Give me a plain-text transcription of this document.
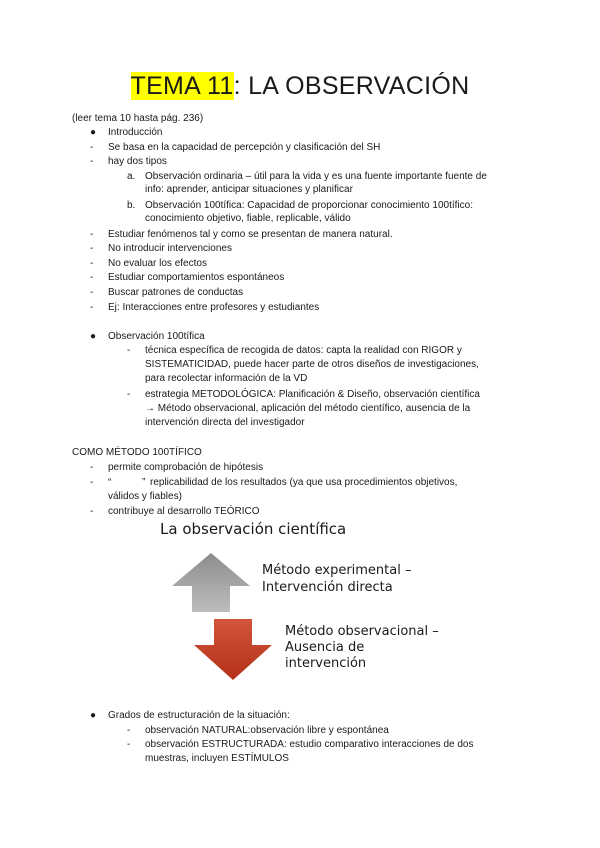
TEMA 11: LA OBSERVACIÓN
(leer tema 10 hasta pág. 236)
● Introducción
- Se basa en la capacidad de percepción y clasificación del SH
- hay dos tipos
a. Observación ordinaria – útil para la vida y es una fuente importante fuente de
info: aprender, anticipar situaciones y planificar
b. Observación 100tífica: Capacidad de proporcionar conocimiento 100tífico:
conocimiento objetivo, fiable, replicable, válido
- Estudiar fenómenos tal y como se presentan de manera natural.
- No introducir intervenciones
- No evaluar los efectos
- Estudiar comportamientos espontáneos
- Buscar patrones de conductas
- Ej: Interacciones entre profesores y estudiantes
● Observación 100tífica
- técnica específica de recogida de datos: capta la realidad con RIGOR y
SISTEMATICIDAD, puede hacer parte de otros diseños de investigaciones,
para recolectar información de la VD
- estrategia METODOLÓGICA: Planificación & Diseño, observación científica
→ Método observacional, aplicación del método científico, ausencia de la
intervención directa del investigador
COMO MÉTODO 100TÍFICO
- permite comprobación de hipótesis
- “	” replicabilidad de los resultados (ya que usa procedimientos objetivos,
válidos y fiables)
- contribuye al desarrollo TEÓRICO
La observación científica
Método experimental –
Intervención directa
Método observacional –
Ausencia de
intervención
● Grados de estructuración de la situación:
- observación NATURAL:observación libre y espontánea
- observación ESTRUCTURADA: estudio comparativo interacciones de dos
muestras, incluyen ESTÍMULOS
